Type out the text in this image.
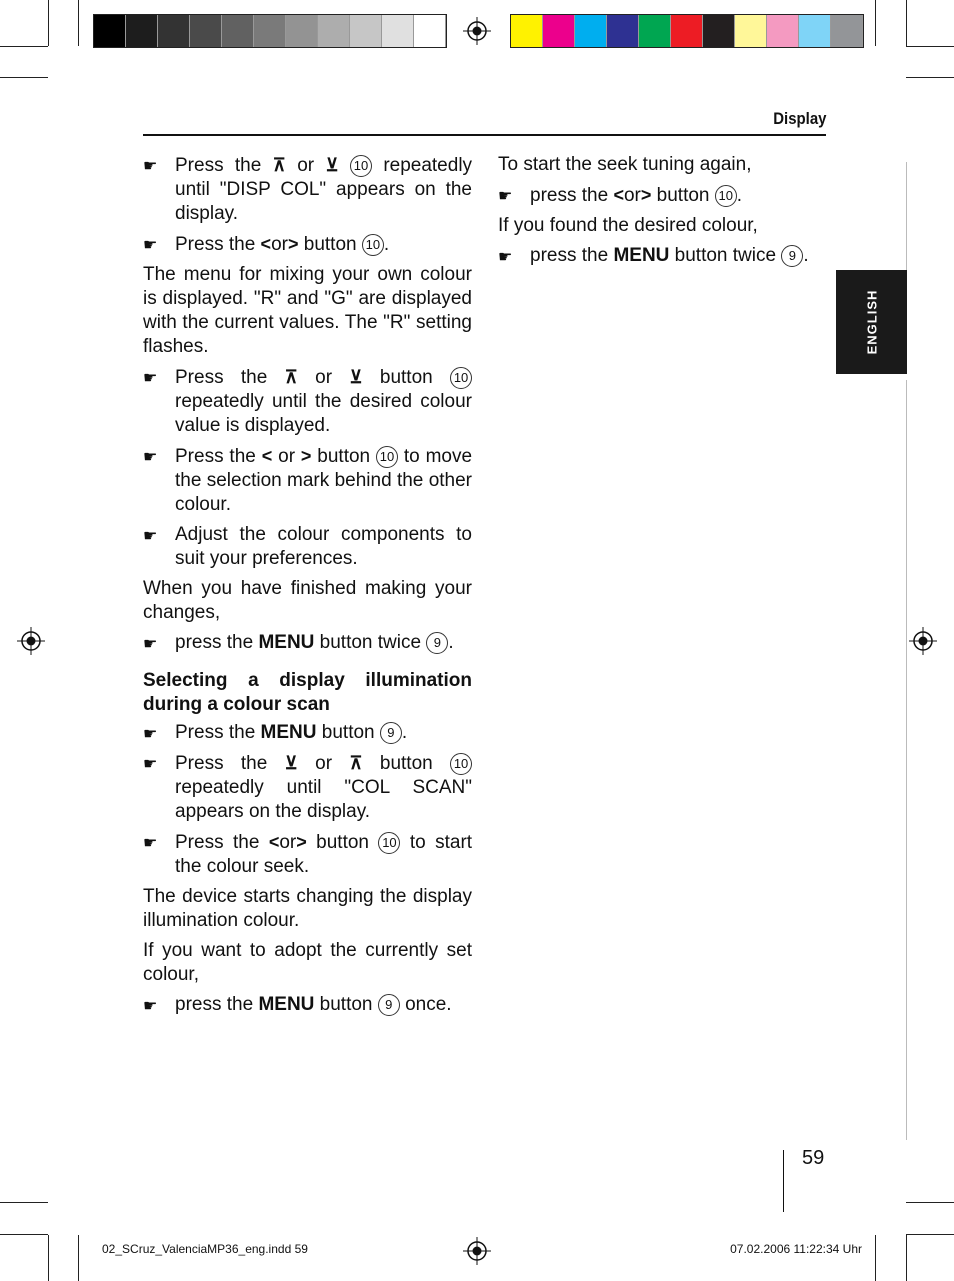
Display
ENGLISH
☛ Press the ⊼ or ⊻ 10 repeatedly until "DISP COL" appears on the display.
☛ Press the <or> button 10 .

The menu for mixing your own colour is displayed. "R" and "G" are displayed with the current values. The "R" setting flashes.

☛ Press the ⊼ or ⊻ button 10 repeatedly until the desired colour value is displayed.
☛ Press the < or > button 10 to move the selection mark behind the other colour.
☛ Adjust the colour components to suit your preferences.

When you have finished making your changes,

☛ press the MENU button twice 9 .

Selecting a display illumination during a colour scan

☛ Press the MENU button 9 .
☛ Press the ⊻ or ⊼ button 10 repeatedly until "COL SCAN" appears on the display.
☛ Press the <or> button 10 to start the colour seek.

The device starts changing the display illumination colour.

If you want to adopt the currently set colour,

☛ press the MENU button 9 once.

To start the seek tuning again,

☛ press the <or> button 10 .

If you found the desired colour,

☛ press the MENU button twice 9 .
59
02_SCruz_ValenciaMP36_eng.indd 59	07.02.2006 11:22:34 Uhr
